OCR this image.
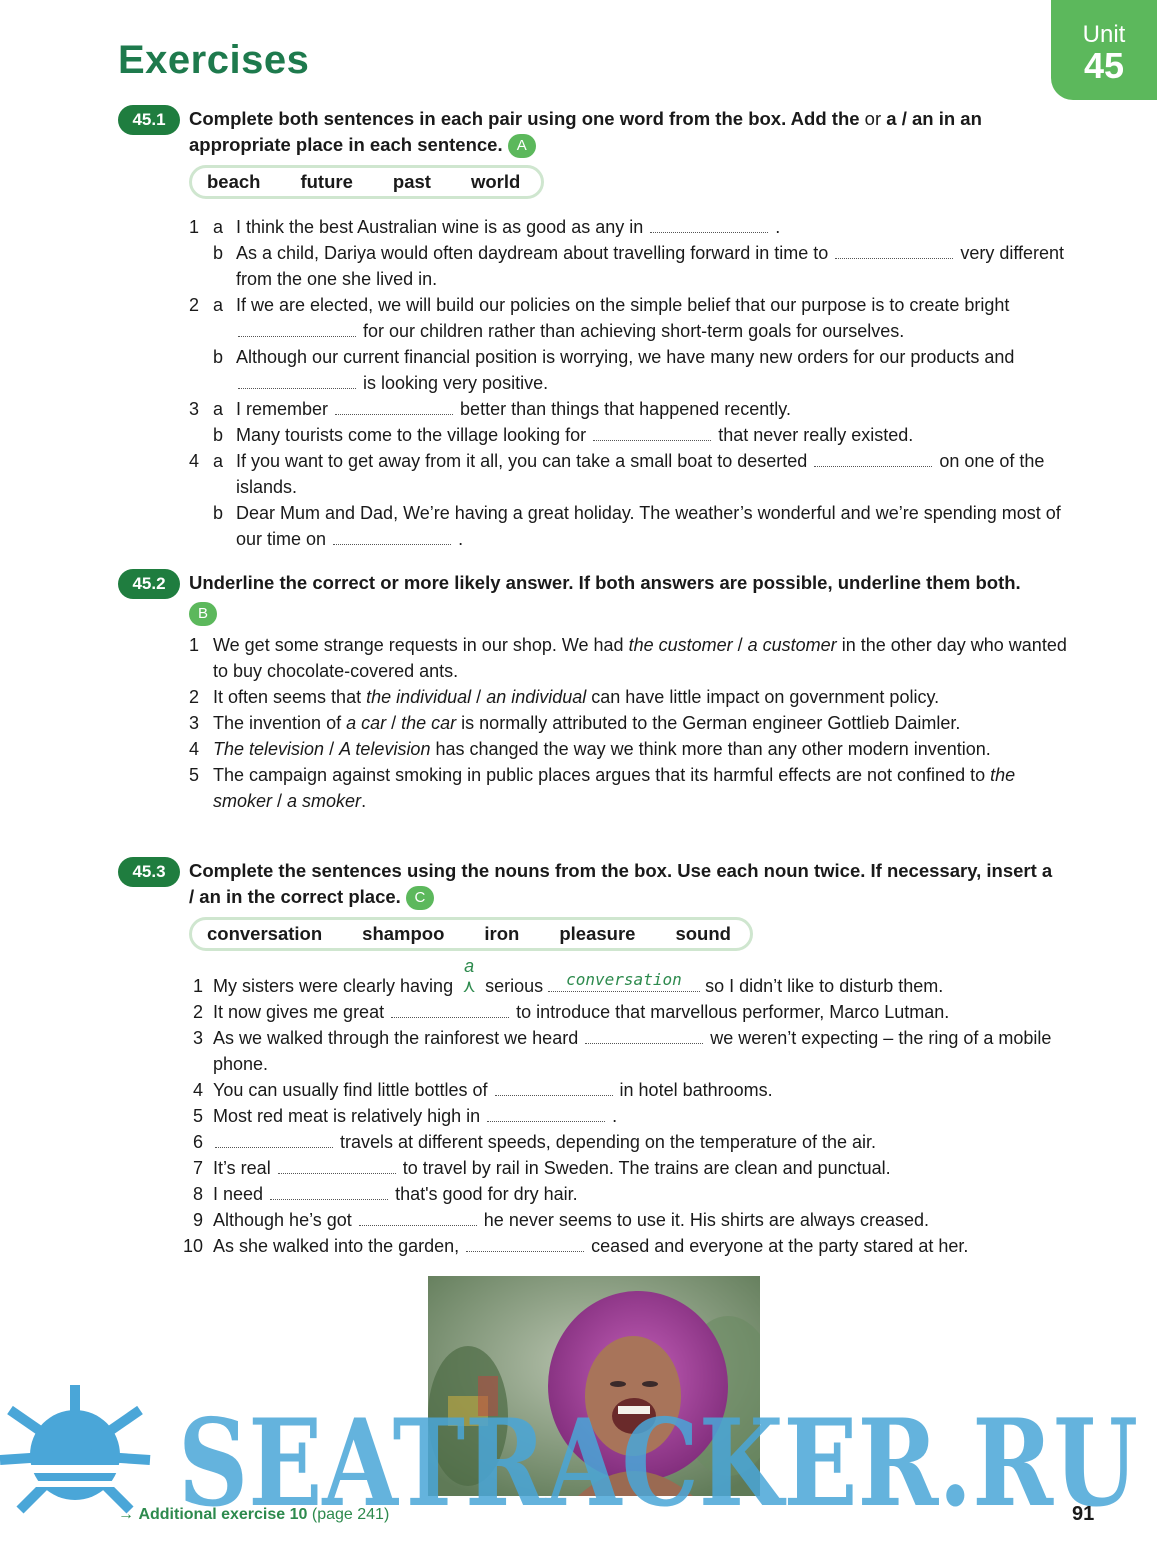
Unit
45
Exercises
45.1	Complete both sentences in each pair using one word from the box. Add the or a / an in an appropriate place in each sentence. A
beach future past world
1 a I think the best Australian wine is as good as any in	.
b As a child, Dariya would often daydream about travelling forward in time to	very different from the one she lived in.
2 a If we are elected, we will build our policies on the simple belief that our purpose is to create bright  for our children rather than achieving short-term goals for ourselves.
b Although our current financial position is worrying, we have many new orders for our products and  is looking very positive.
3 a I remember	better than things that happened recently.
b Many tourists come to the village looking for	that never really existed.
4 a If you want to get away from it all, you can take a small boat to deserted	on one of the islands.
b Dear Mum and Dad, We’re having a great holiday. The weather’s wonderful and we’re spending most of our time on	.
45.2	Underline the correct or more likely answer. If both answers are possible, underline them both.
B
1 We get some strange requests in our shop. We had the customer / a customer in the other day who wanted to buy chocolate-covered ants.
2 It often seems that the individual / an individual can have little impact on government policy.
3 The invention of a car / the car is normally attributed to the German engineer Gottlieb Daimler.
4 The television / A television has changed the way we think more than any other modern invention.
5 The campaign against smoking in public places argues that its harmful effects are not confined to the smoker / a smoker.
45.3	Complete the sentences using the nouns from the box. Use each noun twice. If necessary, insert a / an in the correct place. C
conversation shampoo iron pleasure sound
1 My sisters were clearly having
a
⋏ serious conversation so I didn’t like to disturb them.
2 It now gives me great	to introduce that marvellous performer, Marco Lutman.
3 As we walked through the rainforest we heard	we weren’t expecting – the ring of a mobile phone.
4 You can usually find little bottles of	in hotel bathrooms.
5 Most red meat is relatively high in	.
6	travels at different speeds, depending on the temperature of the air.
7 It’s real	to travel by rail in Sweden. The trains are clean and punctual.
8 I need	that's good for dry hair.
9 Although he’s got	he never seems to use it. His shirts are always creased.
10 As she walked into the garden,	ceased and everyone at the party stared at her.
SEATRACKER.RU
→ Additional exercise 10 (page 241)	91
